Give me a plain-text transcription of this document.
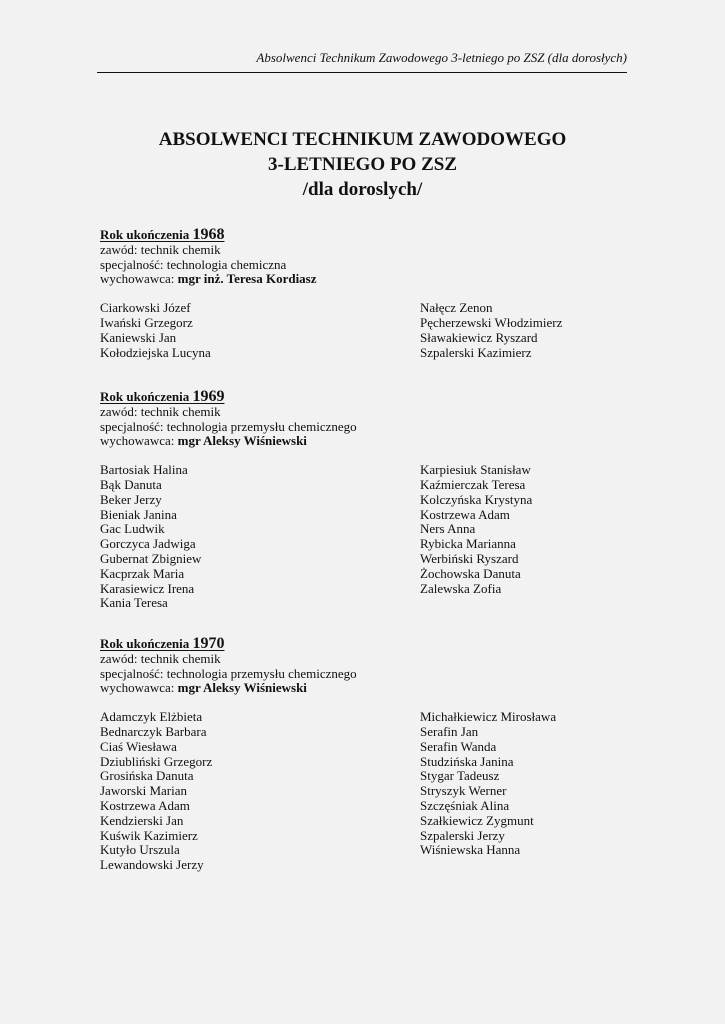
Absolwenci Technikum Zawodowego 3-letniego po ZSZ (dla dorosłych)
ABSOLWENCI TECHNIKUM ZAWODOWEGO
3-LETNIEGO PO ZSZ
/dla doroslych/
Rok ukończenia 1968
zawód: technik chemik
specjalność: technologia chemiczna
wychowawca: mgr inż. Teresa Kordiasz
Ciarkowski Józef
Iwański Grzegorz
Kaniewski Jan
Kołodziejska Lucyna
Nałęcz Zenon
Pęcherzewski Włodzimierz
Sławakiewicz Ryszard
Szpalerski Kazimierz
Rok ukończenia 1969
zawód: technik chemik
specjalność: technologia przemysłu chemicznego
wychowawca: mgr Aleksy Wiśniewski
Bartosiak Halina
Bąk Danuta
Beker Jerzy
Bieniak Janina
Gac Ludwik
Gorczyca Jadwiga
Gubernat Zbigniew
Kacprzak Maria
Karasiewicz Irena
Kania Teresa
Karpiesiuk Stanisław
Kaźmierczak Teresa
Kolczyńska Krystyna
Kostrzewa Adam
Ners Anna
Rybicka Marianna
Werbiński Ryszard
Żochowska Danuta
Zalewska Zofia
Rok ukończenia 1970
zawód: technik chemik
specjalność: technologia przemysłu chemicznego
wychowawca: mgr Aleksy Wiśniewski
Adamczyk Elżbieta
Bednarczyk Barbara
Ciaś Wiesława
Dziubliński Grzegorz
Grosińska Danuta
Jaworski Marian
Kostrzewa Adam
Kendzierski Jan
Kuświk Kazimierz
Kutyło Urszula
Lewandowski Jerzy
Michałkiewicz Mirosława
Serafin Jan
Serafin Wanda
Studzińska Janina
Stygar Tadeusz
Stryszyk Werner
Szczęśniak Alina
Szałkiewicz Zygmunt
Szpalerski Jerzy
Wiśniewska Hanna
